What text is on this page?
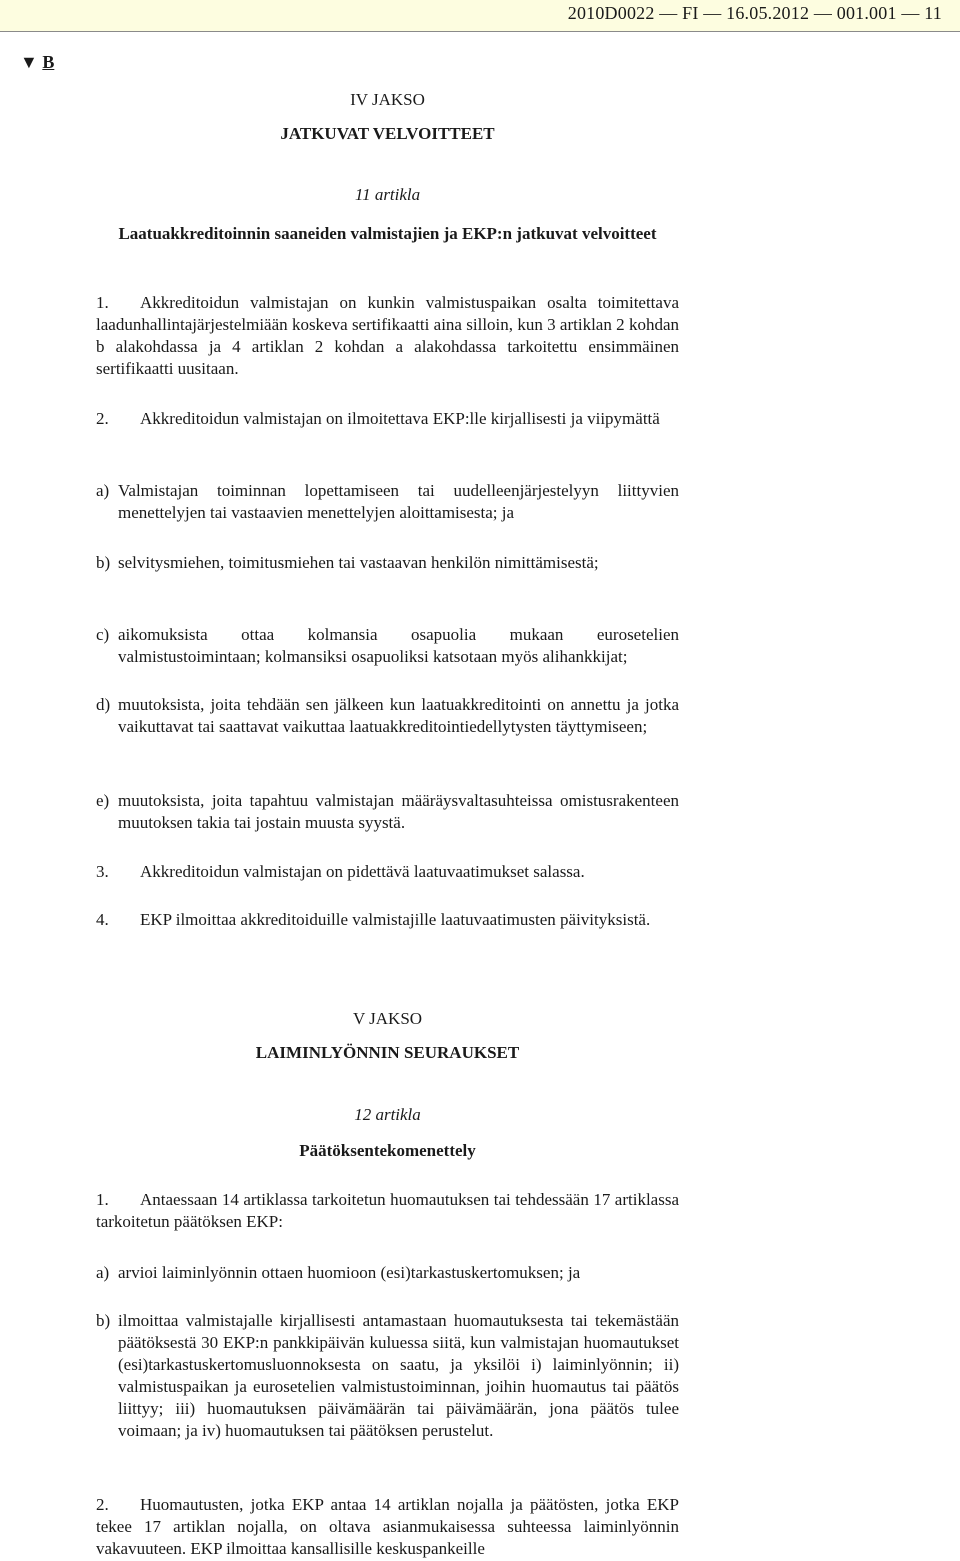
2010D0022 — FI — 16.05.2012 — 001.001 — 11
▼ B
IV JAKSO
JATKUVAT VELVOITTEET
11 artikla
Laatuakkreditoinnin saaneiden valmistajien ja EKP:n jatkuvat velvoitteet
1. Akkreditoidun valmistajan on kunkin valmistuspaikan osalta toimitettava laadunhallintajärjestelmiään koskeva sertifikaatti aina silloin, kun 3 artiklan 2 kohdan b alakohdassa ja 4 artiklan 2 kohdan a alakohdassa tarkoitettu ensimmäinen sertifikaatti uusitaan.
2. Akkreditoidun valmistajan on ilmoitettava EKP:lle kirjallisesti ja viipymättä
a) Valmistajan toiminnan lopettamiseen tai uudelleenjärjestelyyn liittyvien menettelyjen tai vastaavien menettelyjen aloittamisesta; ja
b) selvitysmiehen, toimitusmiehen tai vastaavan henkilön nimittämisestä;
c) aikomuksista ottaa kolmansia osapuolia mukaan eurosetelien valmistustoimintaan; kolmansiksi osapuoliksi katsotaan myös alihankkijat;
d) muutoksista, joita tehdään sen jälkeen kun laatuakkreditointi on annettu ja jotka vaikuttavat tai saattavat vaikuttaa laatuakkreditointiedellytysten täyttymiseen;
e) muutoksista, joita tapahtuu valmistajan määräysvaltasuhteissa omistusrakenteen muutoksen takia tai jostain muusta syystä.
3. Akkreditoidun valmistajan on pidettävä laatuvaatimukset salassa.
4. EKP ilmoittaa akkreditoiduille valmistajille laatuvaatimusten päivityksistä.
V JAKSO
LAIMINLYÖNNIN SEURAUKSET
12 artikla
Päätöksentekomenettely
1. Antaessaan 14 artiklassa tarkoitetun huomautuksen tai tehdessään 17 artiklassa tarkoitetun päätöksen EKP:
a) arvioi laiminlyönnin ottaen huomioon (esi)tarkastuskertomuksen; ja
b) ilmoittaa valmistajalle kirjallisesti antamastaan huomautuksesta tai tekemästään päätöksestä 30 EKP:n pankkipäivän kuluessa siitä, kun valmistajan huomautukset (esi)tarkastuskertomusluonnoksesta on saatu, ja yksilöi i) laiminlyönnin; ii) valmistuspaikan ja eurosetelien valmistustoiminnan, joihin huomautus tai päätös liittyy; iii) huomautuksen päivämäärän tai päivämäärän, jona päätös tulee voimaan; ja iv) huomautuksen tai päätöksen perustelut.
2. Huomautusten, jotka EKP antaa 14 artiklan nojalla ja päätösten, jotka EKP tekee 17 artiklan nojalla, on oltava asianmukaisessa suhteessa laiminlyönnin vakavuuteen. EKP ilmoittaa kansallisille keskuspankeille
